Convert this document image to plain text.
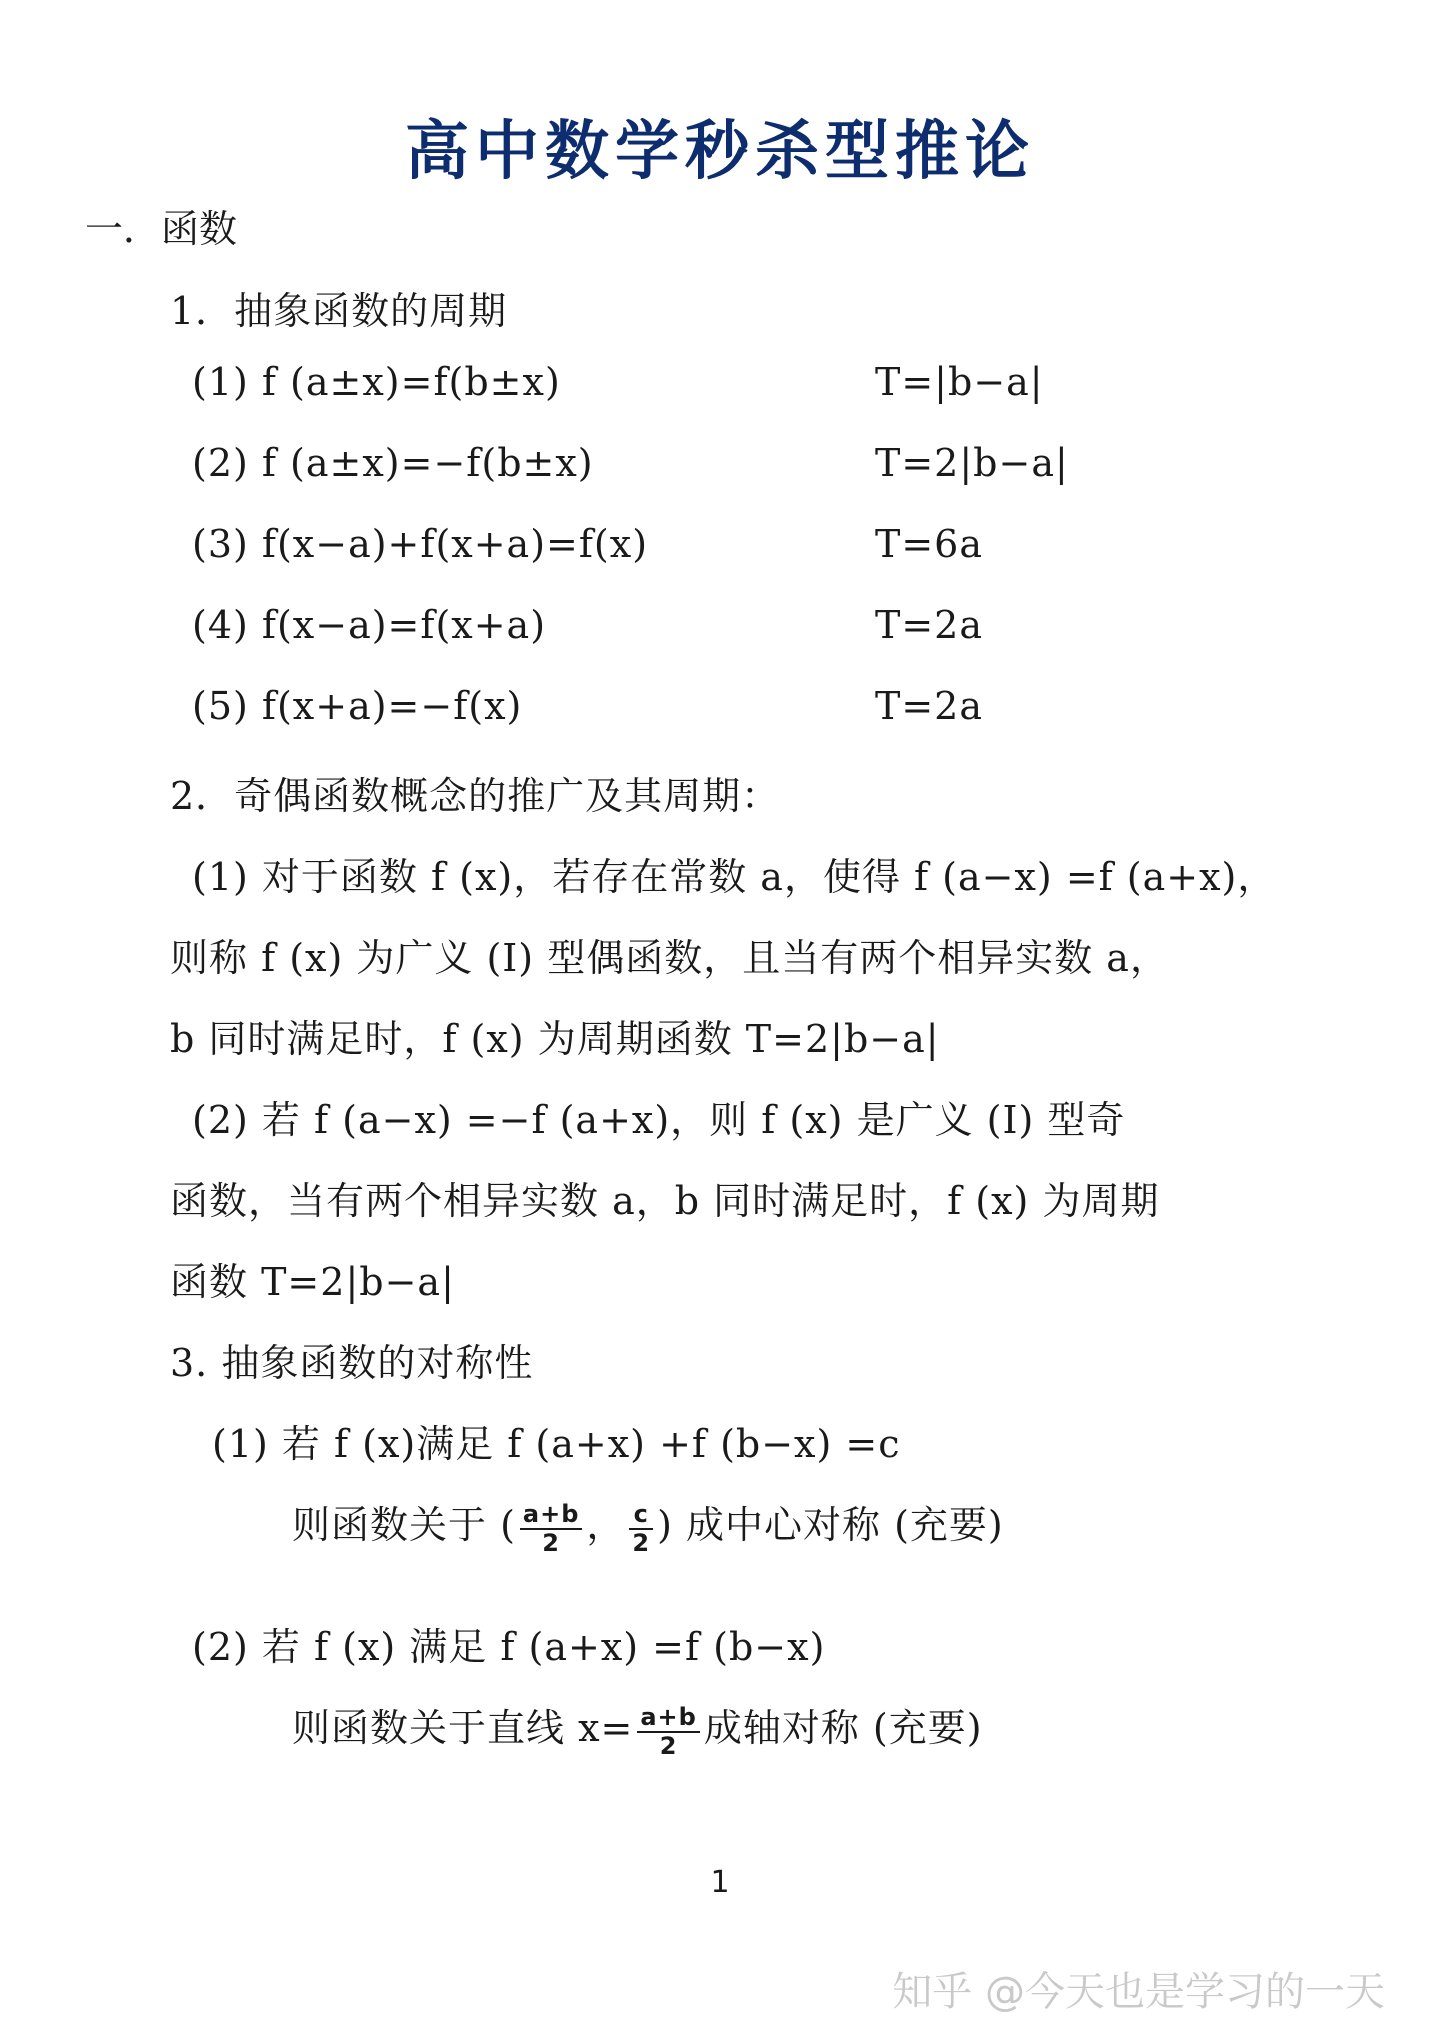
高中数学秒杀型推论
一．函数
1．抽象函数的周期
(1) f (a±x)=f(b±x)	T=|b−a|
(2) f (a±x)=−f(b±x)	T=2|b−a|
(3) f(x−a)+f(x+a)=f(x)	T=6a
(4) f(x−a)=f(x+a)	T=2a
(5) f(x+a)=−f(x)	T=2a
2．奇偶函数概念的推广及其周期：
(1) 对于函数 f (x)，若存在常数 a，使得 f (a−x) =f (a+x)，
则称 f (x) 为广义 (Ⅰ) 型偶函数，且当有两个相异实数 a，
b 同时满足时，f (x) 为周期函数 T=2|b−a|
(2) 若 f (a−x) =−f (a+x)，则 f (x) 是广义 (Ⅰ) 型奇
函数，当有两个相异实数 a，b 同时满足时，f (x) 为周期
函数 T=2|b−a|
3. 抽象函数的对称性
(1) 若 f (x)满足 f (a+x) +f (b−x) =c
则函数关于 ( $\frac{a+b}{2}$ ， $\frac{c}{2}$ ) 成中心对称 (充要)
(2) 若 f (x) 满足 f (a+x) =f (b−x)
则函数关于直线 $x= \frac{a+b}{2}$ 成轴对称 (充要)
1
知乎 @今天也是学习的一天
